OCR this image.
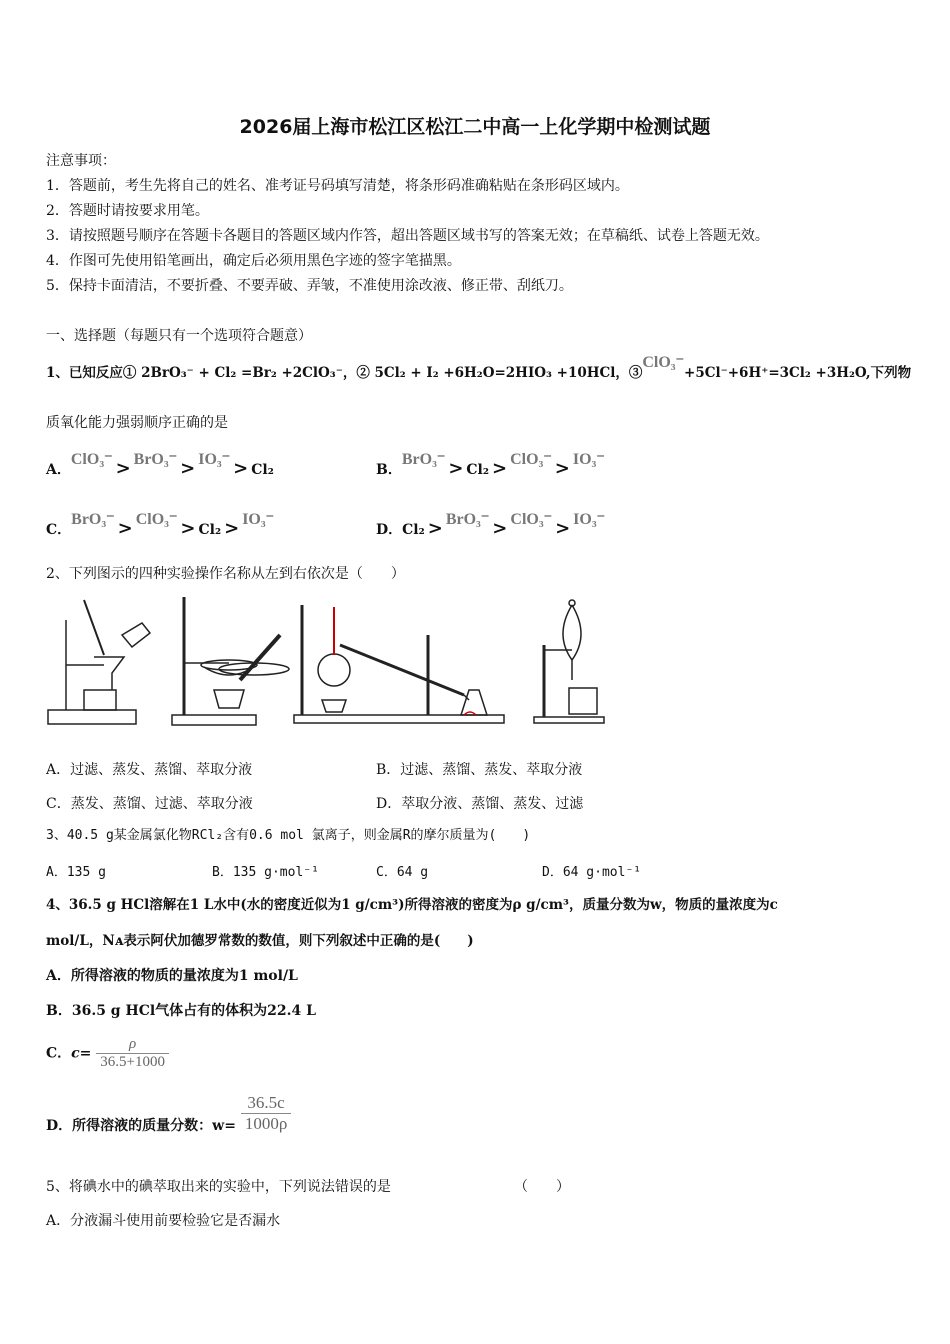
2026届上海市松江区松江二中高一上化学期中检测试题
注意事项：
1．答题前，考生先将自己的姓名、准考证号码填写清楚，将条形码准确粘贴在条形码区域内。
2．答题时请按要求用笔。
3．请按照题号顺序在答题卡各题目的答题区域内作答，超出答题区域书写的答案无效；在草稿纸、试卷上答题无效。
4．作图可先使用铅笔画出，确定后必须用黑色字迹的签字笔描黑。
5．保持卡面清洁，不要折叠、不要弄破、弄皱，不准使用涂改液、修正带、刮纸刀。
一、选择题（每题只有一个选项符合题意）
1、已知反应① 2BrO₃⁻ + Cl₂ =Br₂ +2ClO₃⁻，② 5Cl₂ + I₂ +6H₂O=2HIO₃ +10HCl，③ClO₃⁻+5Cl⁻+6H⁺=3Cl₂ +3H₂O,下列物
质氧化能力强弱顺序正确的是
A．ClO₃⁻ > BrO₃⁻ > IO₃⁻ > Cl₂	B．BrO₃⁻ > Cl₂ > ClO₃⁻ > IO₃⁻
C．BrO₃⁻ > ClO₃⁻ > Cl₂ > IO₃⁻
D．Cl₂ > BrO₃⁻ > ClO₃⁻ > IO₃⁻
2、下列图示的四种实验操作名称从左到右依次是（　　）
A．过滤、蒸发、蒸馏、萃取分液	B．过滤、蒸馏、蒸发、萃取分液
C．蒸发、蒸馏、过滤、萃取分液	D．萃取分液、蒸馏、蒸发、过滤
3、40.5 g某金属氯化物RCl₂含有0.6 mol 氯离子，则金属R的摩尔质量为(　　)
A．135 g	B．135 g·mol⁻¹	C．64 g	D．64 g·mol⁻¹
4、36.5 g HCl溶解在1 L水中(水的密度近似为1 g/cm³)所得溶液的密度为ρ g/cm³，质量分数为w，物质的量浓度为c
mol/L，Nᴀ表示阿伏加德罗常数的数值，则下列叙述中正确的是(　　)
A．所得溶液的物质的量浓度为1 mol/L
B．36.5 g HCl气体占有的体积为22.4 L
C．$c= \frac{\rho}{36.5+1000}$
D．所得溶液的质量分数：$w= \frac{36.5c}{1000\rho}$
5、将碘水中的碘萃取出来的实验中，下列说法错误的是	（　　）
A．分液漏斗使用前要检验它是否漏水
